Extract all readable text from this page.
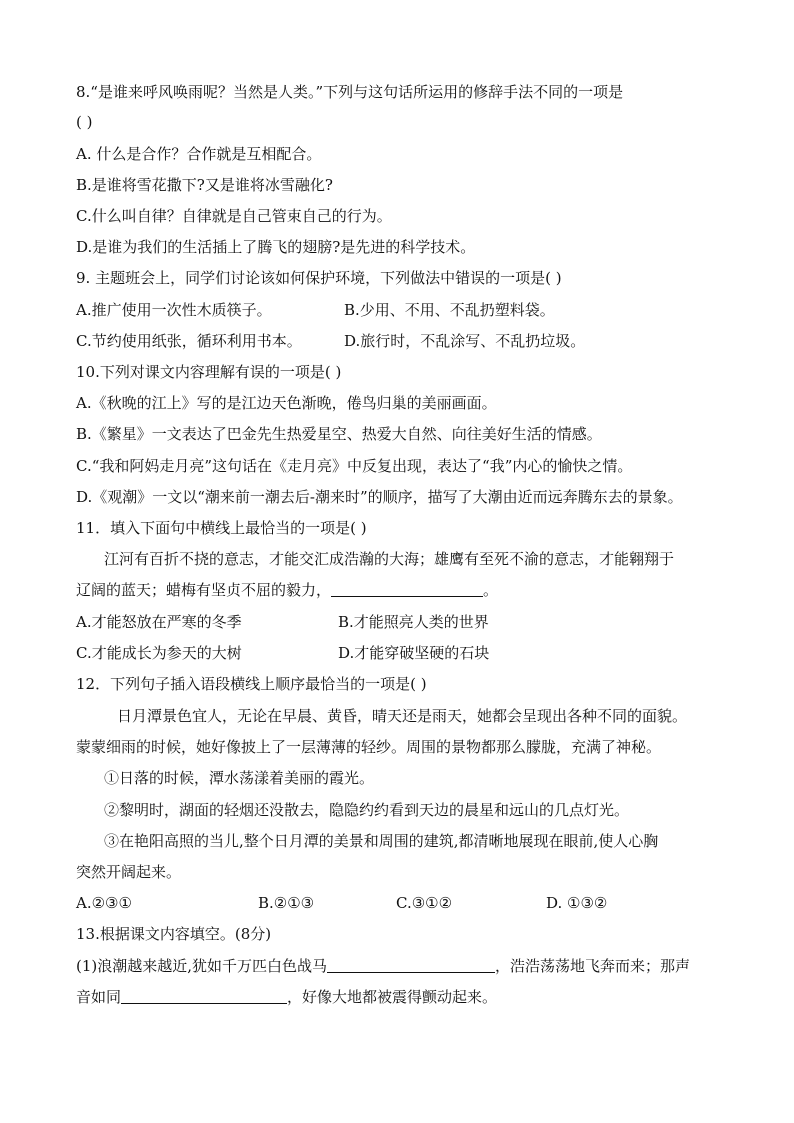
8.“是谁来呼风唤雨呢？当然是人类。”下列与这句话所运用的修辞手法不同的一项是
( )
A. 什么是合作？合作就是互相配合。
B.是谁将雪花撒下?又是谁将冰雪融化?
C.什么叫自律？自律就是自己管束自己的行为。
D.是谁为我们的生活插上了腾飞的翅膀?是先进的科学技术。
9. 主题班会上，同学们讨论该如何保护环境，下列做法中错误的一项是( )
A.推广使用一次性木质筷子。	B.少用、不用、不乱扔塑料袋。
C.节约使用纸张，循环利用书本。	D.旅行时，不乱涂写、不乱扔垃圾。
10.下列对课文内容理解有误的一项是( )
A.《秋晚的江上》写的是江边天色渐晚，倦鸟归巢的美丽画面。
B.《繁星》一文表达了巴金先生热爱星空、热爱大自然、向往美好生活的情感。
C.“我和阿妈走月亮”这句话在《走月亮》中反复出现，表达了“我”内心的愉快之情。
D.《观潮》一文以“潮来前一潮去后-潮来时”的顺序，描写了大潮由近而远奔腾东去的景象。
11．填入下面句中横线上最恰当的一项是( )
江河有百折不挠的意志，才能交汇成浩瀚的大海；雄鹰有至死不渝的意志，才能翱翔于
辽阔的蓝天；蜡梅有坚贞不屈的毅力，	。
A.才能怒放在严寒的冬季	B.才能照亮人类的世界
C.才能成长为参天的大树	D.才能穿破坚硬的石块
12．下列句子插入语段横线上顺序最恰当的一项是( )
日月潭景色宜人，无论在早晨、黄昏，晴天还是雨天，她都会呈现出各种不同的面貌。
蒙蒙细雨的时候，她好像披上了一层薄薄的轻纱。周围的景物都那么朦胧，充满了神秘。
①日落的时候，潭水荡漾着美丽的霞光。
②黎明时，湖面的轻烟还没散去，隐隐约约看到天边的晨星和远山的几点灯光。
③在艳阳高照的当儿,整个日月潭的美景和周围的建筑,都清晰地展现在眼前,使人心胸
突然开阔起来。
A.②③①	B.②①③	C.③①②	D. ①③②
13.根据课文内容填空。(8分)
(1)浪潮越来越近,犹如千万匹白色战马	，浩浩荡荡地飞奔而来；那声
音如同	，好像大地都被震得颤动起来。
